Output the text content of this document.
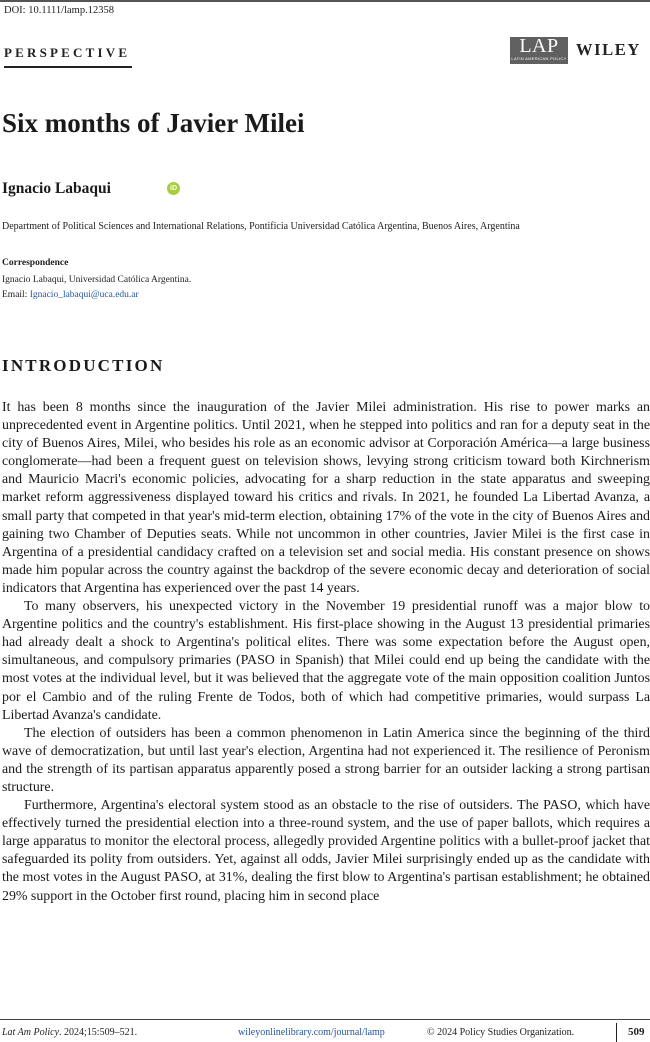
DOI: 10.1111/lamp.12358
PERSPECTIVE	LAP
LATIN AMERICAN POLICY WILEY
Six months of Javier Milei
Ignacio Labaqui	iD
Department of Political Sciences and International Relations, Pontificia Universidad Católica Argentina, Buenos Aires, Argentina
Correspondence
Ignacio Labaqui, Universidad Católica Argentina.
Email: Ignacio_labaqui@uca.edu.ar
INTRODUCTION

It has been 8 months since the inauguration of the Javier Milei administration. His rise to power marks an unprecedented event in Argentine politics. Until 2021, when he stepped into politics and ran for a deputy seat in the city of Buenos Aires, Milei, who besides his role as an economic advisor at Corporación América—a large business conglomerate—had been a frequent guest on television shows, levying strong criticism toward both Kirchnerism and Mauricio Macri's economic policies, advocating for a sharp reduction in the state apparatus and sweeping market reform aggressiveness displayed toward his critics and rivals. In 2021, he founded La Libertad Avanza, a small party that competed in that year's mid-term election, obtaining 17% of the vote in the city of Buenos Aires and gaining two Chamber of Deputies seats. While not uncommon in other countries, Javier Milei is the first case in Argentina of a presidential candidacy crafted on a television set and social media. His constant presence on shows made him popular across the country against the backdrop of the severe economic decay and deterioration of social indicators that Argentina has experienced over the past 14 years.

To many observers, his unexpected victory in the November 19 presidential runoff was a major blow to Argentine politics and the country's establishment. His first-place showing in the August 13 presidential primaries had already dealt a shock to Argentina's political elites. There was some expectation before the August open, simultaneous, and compulsory primaries (PASO in Spanish) that Milei could end up being the candidate with the most votes at the individual level, but it was believed that the aggregate vote of the main opposition coalition Juntos por el Cambio and of the ruling Frente de Todos, both of which had competitive primaries, would surpass La Libertad Avanza's candidate.

The election of outsiders has been a common phenomenon in Latin America since the beginning of the third wave of democratization, but until last year's election, Argentina had not experienced it. The resilience of Peronism and the strength of its partisan apparatus apparently posed a strong barrier for an outsider lacking a strong partisan structure.

Furthermore, Argentina's electoral system stood as an obstacle to the rise of outsiders. The PASO, which have effectively turned the presidential election into a three-round system, and the use of paper ballots, which requires a large apparatus to monitor the electoral process, allegedly provided Argentine politics with a bullet-proof jacket that safeguarded its polity from outsiders. Yet, against all odds, Javier Milei surprisingly ended up as the candidate with the most votes in the August PASO, at 31%, dealing the first blow to Argentina's partisan establishment; he obtained 29% support in the October first round, placing him in second place

Lat Am Policy. 2024;15:509–521.	wileyonlinelibrary.com/journal/lamp	© 2024 Policy Studies Organization.	509
